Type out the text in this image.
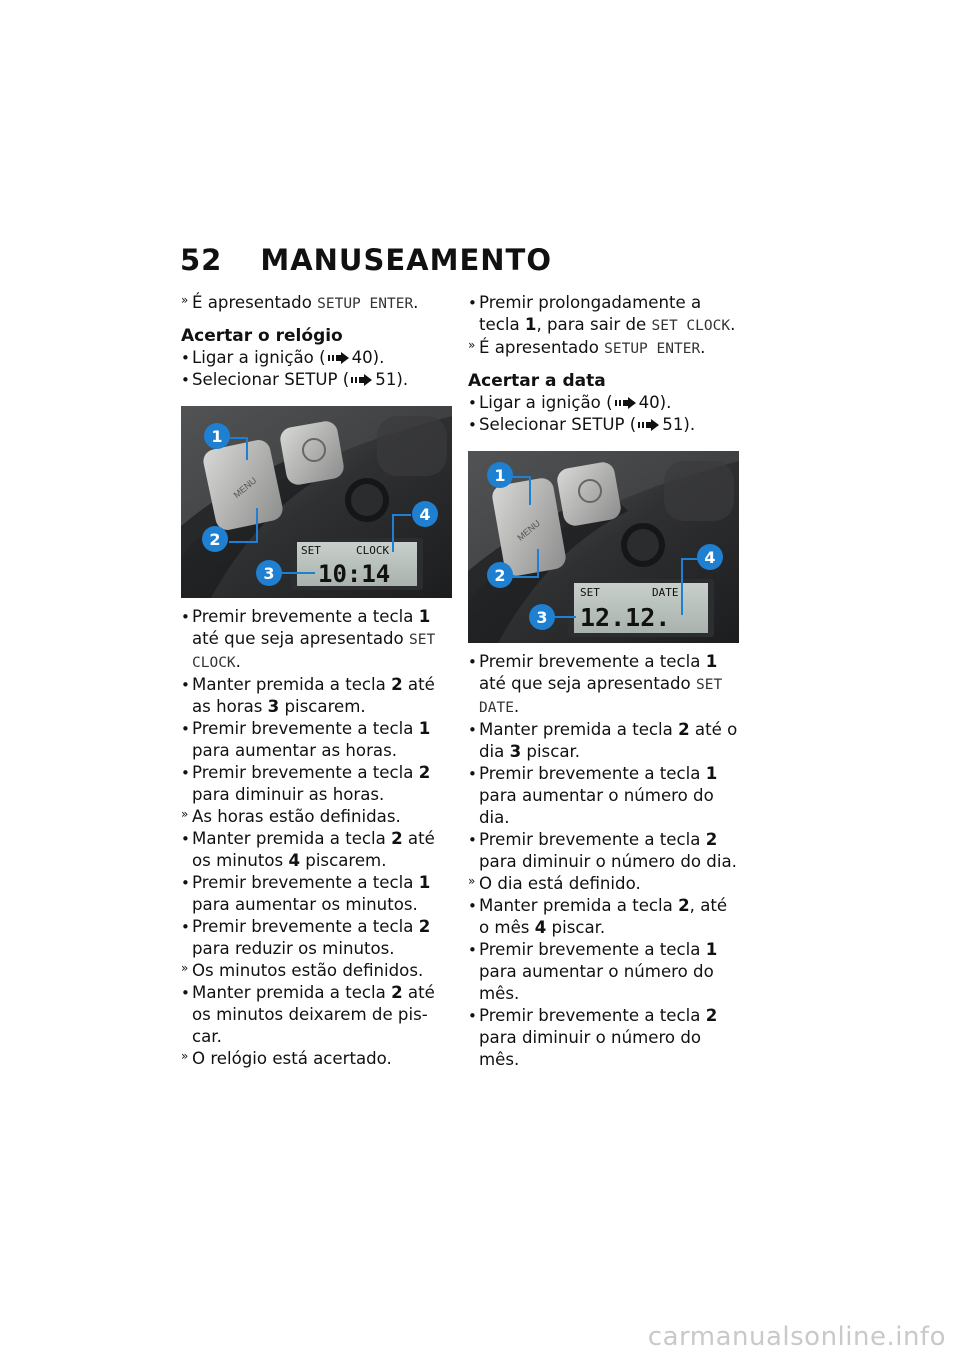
52 MANUSEAMENTO
» É apresentado SETUP ENTER.
Acertar o relógio
• Ligar a ignição ( 40).
• Selecionar SETUP ( 51).
MENU
SET	CLOCK
10:14
1
2
3
4
• Premir brevemente a tecla 1 até que seja apresentado SET CLOCK.
• Manter premida a tecla 2 até as horas 3 piscarem.
• Premir brevemente a tecla 1 para aumentar as horas.
• Premir brevemente a tecla 2 para diminuir as horas.
» As horas estão definidas.
• Manter premida a tecla 2 até os minutos 4 piscarem.
• Premir brevemente a tecla 1 para aumentar os minutos.
• Premir brevemente a tecla 2 para reduzir os minutos.
» Os minutos estão definidos.
• Manter premida a tecla 2 até os minutos deixarem de pis-car.
» O relógio está acertado.
• Premir prolongadamente a tecla 1, para sair de SET CLOCK.
» É apresentado SETUP ENTER.
Acertar a data
• Ligar a ignição ( 40).
• Selecionar SETUP ( 51).
MENU
SET	DATE
12.12.
1
2
3
4
• Premir brevemente a tecla 1 até que seja apresentado SET DATE.
• Manter premida a tecla 2 até o dia 3 piscar.
• Premir brevemente a tecla 1 para aumentar o número do dia.
• Premir brevemente a tecla 2 para diminuir o número do dia.
» O dia está definido.
• Manter premida a tecla 2, até o mês 4 piscar.
• Premir brevemente a tecla 1 para aumentar o número do mês.
• Premir brevemente a tecla 2 para diminuir o número do mês.
carmanualsonline.info
